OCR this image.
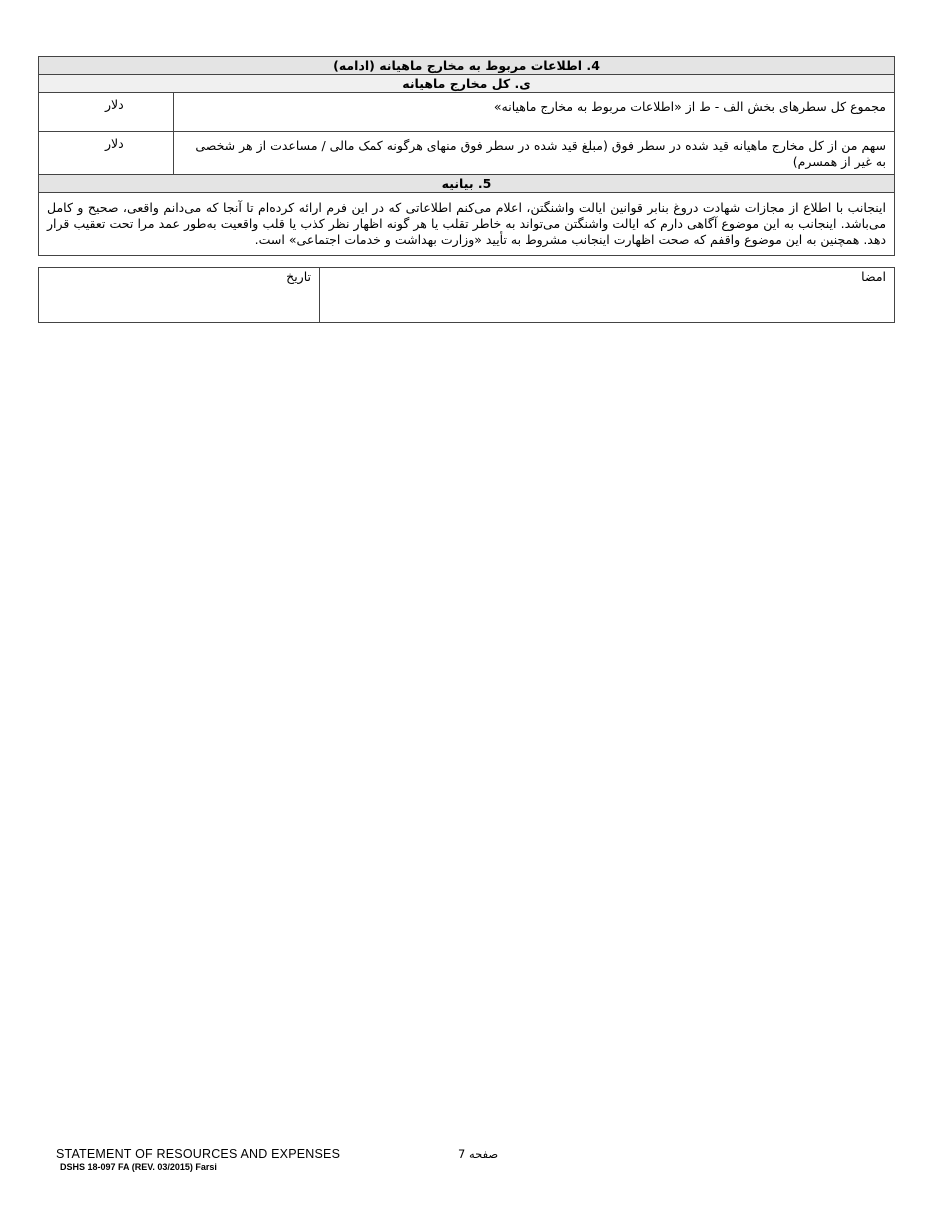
4. اطلاعات مربوط به مخارج ماهیانه (ادامه)	
ی. کل مخارج ماهیانه	
مجموع کل سطرهای بخش الف - ط از «اطلاعات مربوط به مخارج ماهیانه»	دلار
سهم من از کل مخارج ماهیانه قید شده در سطر فوق (مبلغ قید شده در سطر فوق منهای هرگونه کمک مالی / مساعدت از هر شخصی به غیر از همسرم)	دلار
5. بیانیه	
اینجانب با اطلاع از مجازات شهادت دروغ بنابر قوانین ایالت واشنگتن، اعلام می‌کنم اطلاعاتی که در این فرم ارائه کرده‌ام تا آنجا که می‌دانم واقعی، صحیح و کامل می‌باشد. اینجانب به این موضوع آگاهی دارم که ایالت واشنگتن می‌تواند به خاطر تقلب یا هر گونه اظهار نظر کذب یا قلب واقعیت به‌طور عمد مرا تحت تعقیب قرار دهد. همچنین به این موضوع واقفم که صحت اظهارت اینجانب مشروط به تأیید «وزارت بهداشت و خدمات اجتماعی» است.	
امضا	تاریخ
STATEMENT OF RESOURCES AND EXPENSES
DSHS 18-097 FA (REV. 03/2015) Farsi
صفحه 7
